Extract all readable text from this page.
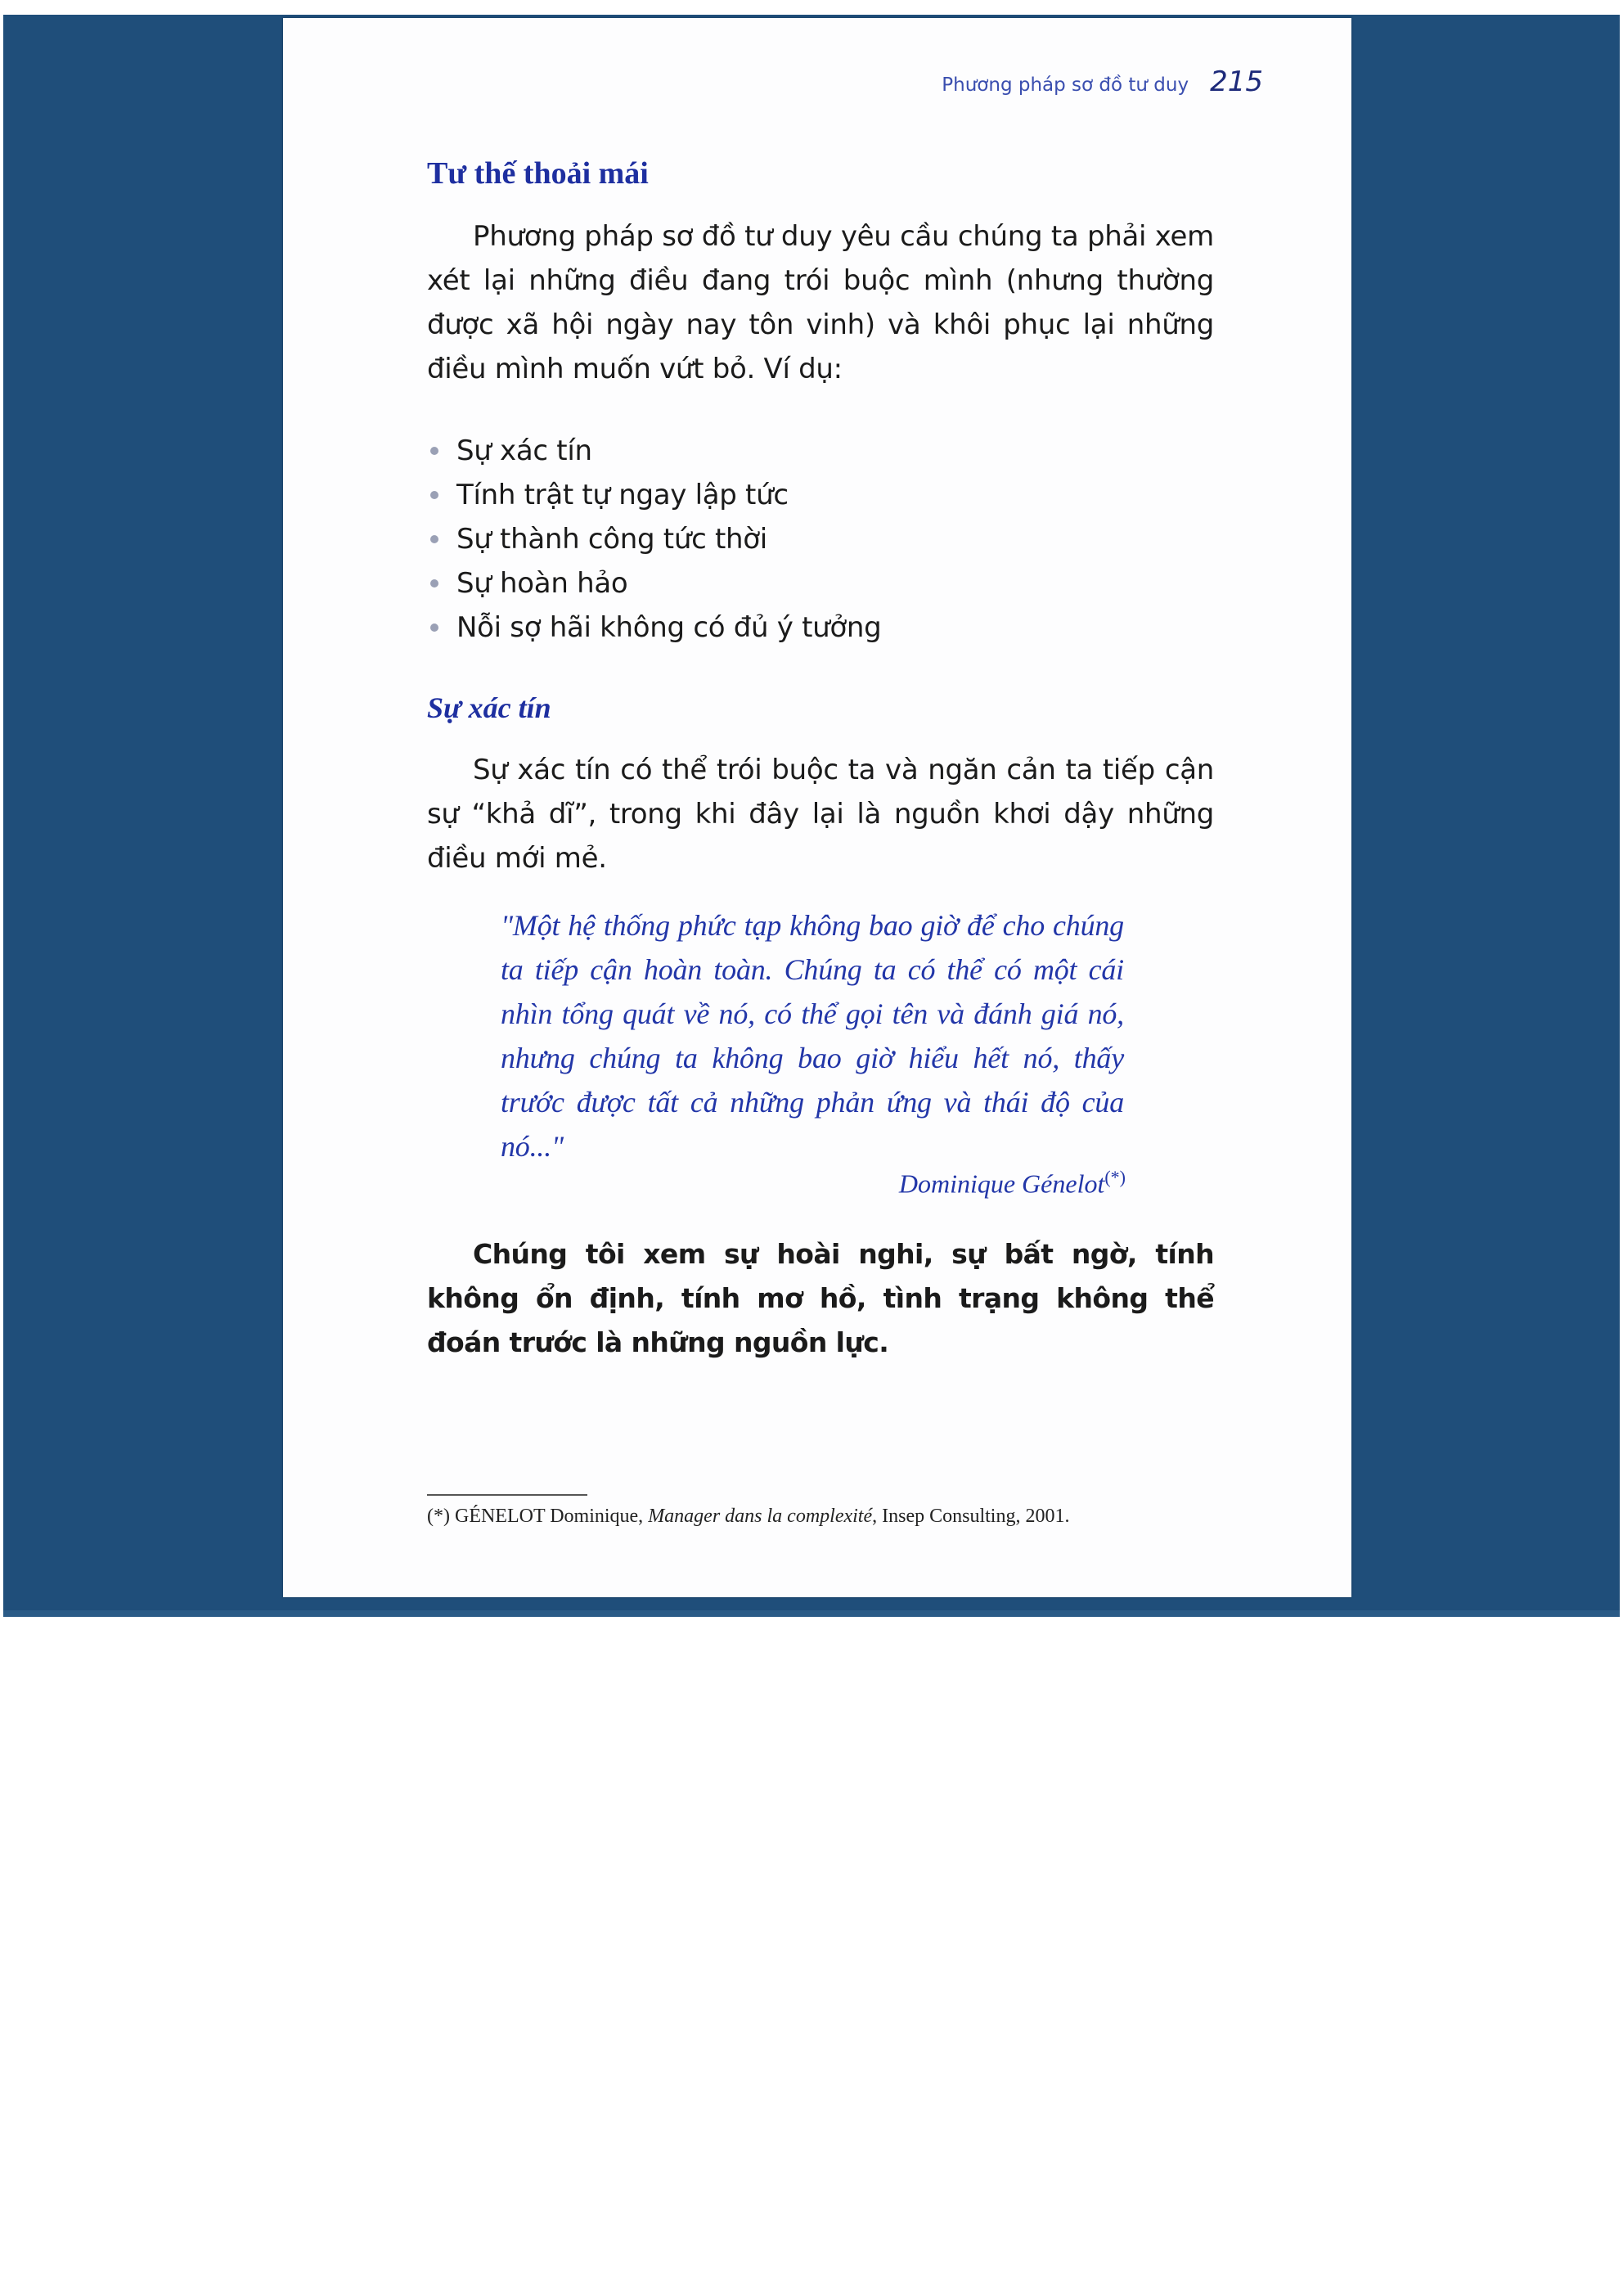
Phương pháp sơ đồ tư duy 215
Tư thế thoải mái

Phương pháp sơ đồ tư duy yêu cầu chúng ta phải xem xét lại những điều đang trói buộc mình (nhưng thường được xã hội ngày nay tôn vinh) và khôi phục lại những điều mình muốn vứt bỏ. Ví dụ:

Sự xác tín
Tính trật tự ngay lập tức
Sự thành công tức thời
Sự hoàn hảo
Nỗi sợ hãi không có đủ ý tưởng
Sự xác tín

Sự xác tín có thể trói buộc ta và ngăn cản ta tiếp cận sự “khả dĩ”, trong khi đây lại là nguồn khơi dậy những điều mới mẻ.

"Một hệ thống phức tạp không bao giờ để cho chúng ta tiếp cận hoàn toàn. Chúng ta có thể có một cái nhìn tổng quát về nó, có thể gọi tên và đánh giá nó, nhưng chúng ta không bao giờ hiểu hết nó, thấy trước được tất cả những phản ứng và thái độ của nó..."

Dominique Génelot(*)

Chúng tôi xem sự hoài nghi, sự bất ngờ, tính không ổn định, tính mơ hồ, tình trạng không thể đoán trước là những nguồn lực.

(*) GÉNELOT Dominique, Manager dans la complexité, Insep Consulting, 2001.
